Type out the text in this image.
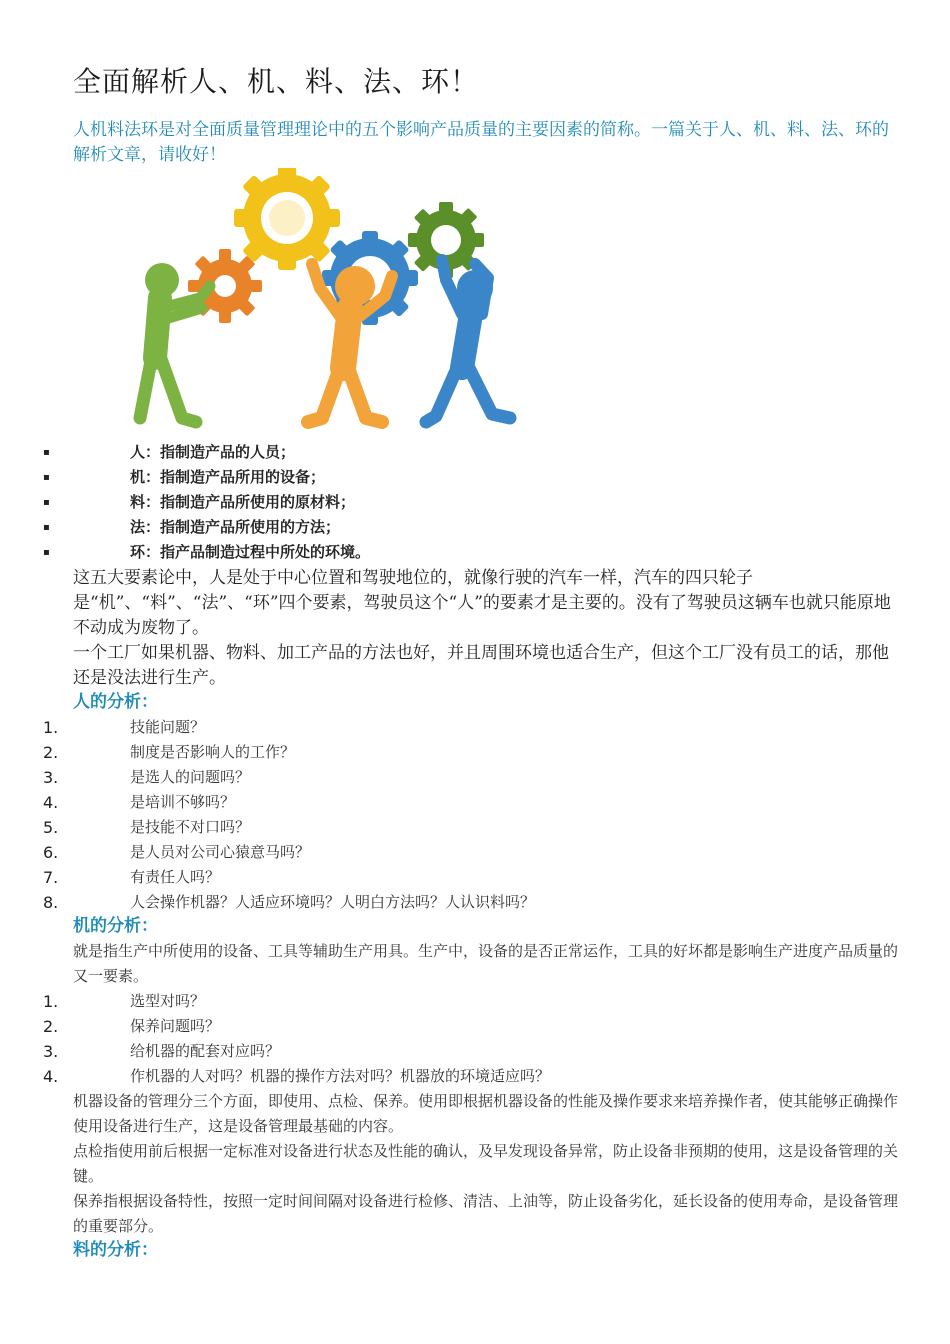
全面解析人、机、料、法、环！

人机料法环是对全面质量管理理论中的五个影响产品质量的主要因素的简称。一篇关于人、机、料、法、环的解析文章，请收好！

▪	人：指制造产品的人员；
▪	机：指制造产品所用的设备；
▪	料：指制造产品所使用的原材料；
▪	法：指制造产品所使用的方法；
▪	环：指产品制造过程中所处的环境。

这五大要素论中，人是处于中心位置和驾驶地位的，就像行驶的汽车一样，汽车的四只轮子是“机”、“料”、“法”、“环”四个要素，驾驶员这个“人”的要素才是主要的。没有了驾驶员这辆车也就只能原地不动成为废物了。

一个工厂如果机器、物料、加工产品的方法也好，并且周围环境也适合生产，但这个工厂没有员工的话，那他还是没法进行生产。

人的分析：
1.	技能问题？
2.	制度是否影响人的工作？
3.	是选人的问题吗？
4.	是培训不够吗？
5.	是技能不对口吗？
6.	是人员对公司心猿意马吗？
7.	有责任人吗？
8.	人会操作机器？人适应环境吗？人明白方法吗？人认识料吗？
机的分析：

就是指生产中所使用的设备、工具等辅助生产用具。生产中，设备的是否正常运作，工具的好坏都是影响生产进度产品质量的又一要素。

1.	选型对吗？
2.	保养问题吗？
3.	给机器的配套对应吗？
4.	作机器的人对吗？机器的操作方法对吗？机器放的环境适应吗？

机器设备的管理分三个方面，即使用、点检、保养。使用即根据机器设备的性能及操作要求来培养操作者，使其能够正确操作使用设备进行生产，这是设备管理最基础的内容。

点检指使用前后根据一定标准对设备进行状态及性能的确认，及早发现设备异常，防止设备非预期的使用，这是设备管理的关键。

保养指根据设备特性，按照一定时间间隔对设备进行检修、清洁、上油等，防止设备劣化，延长设备的使用寿命，是设备管理的重要部分。

料的分析：
